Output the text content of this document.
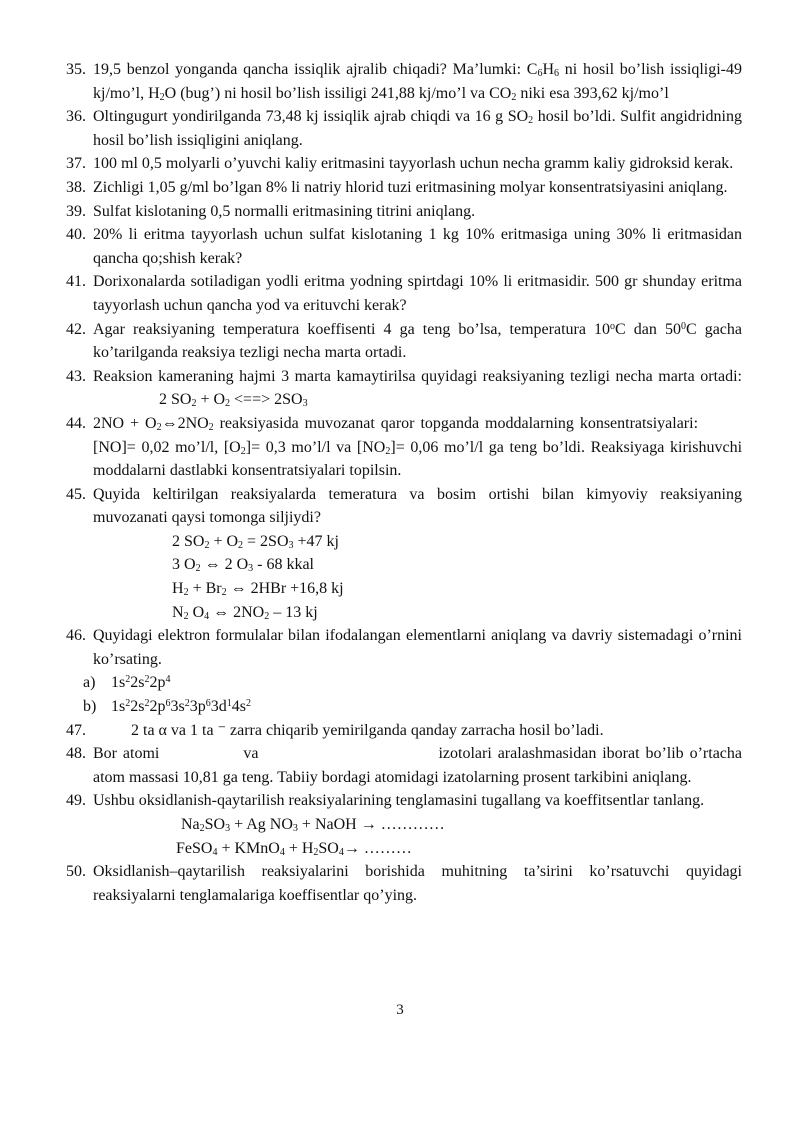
35. 19,5 benzol yonganda qancha issiqlik ajralib chiqadi? Ma’lumki: $C_6H_6$ ni hosil bo’lish issiqligi-49 kj/mo’l, $H_2O$ (bug’) ni hosil bo’lish issiligi 241,88 kj/mo’l va $CO_2$ niki esa 393,62 kj/mo’l
36. Oltingugurt yondirilganda 73,48 kj issiqlik ajrab chiqdi va 16 g $SO_2$ hosil bo’ldi. Sulfit angidridning hosil bo’lish issiqligini aniqlang.
37. 100 ml 0,5 molyarli o’yuvchi kaliy eritmasini tayyorlash uchun necha gramm kaliy gidroksid kerak.
38. Zichligi 1,05 g/ml bo’lgan 8% li natriy hlorid tuzi eritmasining molyar konsentratsiyasini aniqlang.
39. Sulfat kislotaning 0,5 normalli eritmasining titrini aniqlang.
40. 20% li eritma tayyorlash uchun sulfat kislotaning 1 kg 10% eritmasiga uning 30% li eritmasidan qancha qo;shish kerak?
41. Dorixonalarda sotiladigan yodli eritma yodning spirtdagi 10% li eritmasidir. 500 gr shunday eritma tayyorlash uchun qancha yod va erituvchi kerak?
42. Agar reaksiyaning temperatura koeffisenti 4 ga teng bo’lsa, temperatura 10$^o$C dan $50^0C$ gacha ko’tarilganda reaksiya tezligi necha marta ortadi.
43. Reaksion kameraning hajmi 3 marta kamaytirilsa quyidagi reaksiyaning tezligi necha marta ortadi:2 $SO_2 + O_2$ <==> $2SO_3$
44. $2NO + O_2\Leftrightarrow 2NO_2$ reaksiyasida muvozanat qaror topganda moddalarning konsentratsiyalari:[NO]= 0,02 mo’l/l, $[O_2]= 0,3$ mo’l/l va $[NO_2]= 0,06$ mo’l/l ga teng bo’ldi. Reaksiyaga kirishuvchi moddalarni dastlabki konsentratsiyalari topilsin.
45. Quyida keltirilgan reaksiyalarda temeratura va bosim ortishi bilan kimyoviy reaksiyaning muvozanati qaysi tomonga siljiydi?
2 $SO_2 + O_2 = 2SO_3 +47$ kj
3 $O_2$ ⇔ 2 $O_3 - 68$ kkal
$H_2 + Br_2$ ⇔ 2HBr +16,8 kj
$N_2$ $O_4$ ⇔ $2NO_2 - 13$ kj
46. Quyidagi elektron formulalar bilan ifodalangan elementlarni aniqlang va davriy sistemadagi o’rnini ko’rsating.
a) $1s^22s^22p^4$
b) $1s^22s^22p^63s^23p^63d^14s^2$
47.	2 ta α va 1 ta ⁻ zarra chiqarib yemirilganda qanday zarracha hosil bo’ladi.
48. Bor atomi	va	izotolari aralashmasidan iborat bo’lib o’rtacha atom massasi 10,81 ga teng. Tabiiy bordagi atomidagi izatolarning prosent tarkibini aniqlang.
49. Ushbu oksidlanish-qaytarilish reaksiyalarining tenglamasini tugallang va koeffitsentlar tanlang.
$Na_2SO_3 + Ag$ $NO_3$ + NaOH → …………
FeSO$_4$ + KMnO$_4$ + $H_2SO_4\to$ ………
50. Oksidlanish–qaytarilish reaksiyalarini borishida muhitning ta’sirini ko’rsatuvchi quyidagi reaksiyalarni tenglamalariga koeffisentlar qo’ying.
3
